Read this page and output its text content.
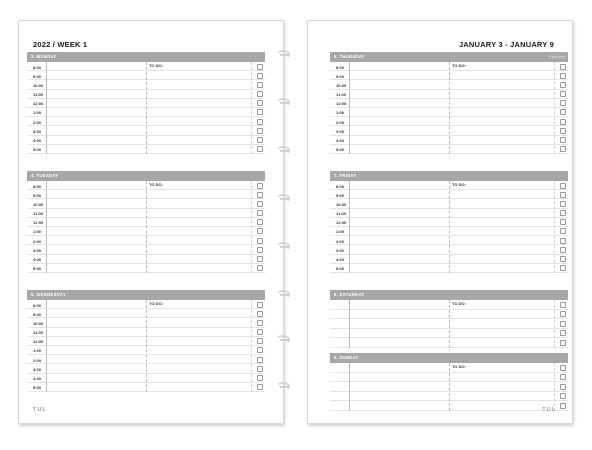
2022 / WEEK 1
3. MONDAY
8:00
9:00
10:00
11:00
12:00
1:00
2:00
3:00
4:00
5:00
TO DO:
4. TUESDAY
8:00
9:00
10:00
11:00
12:00
1:00
2:00
3:00
4:00
5:00
TO DO:
5. WEDNESDAY
8:00
9:00
10:00
11:00
12:00
1:00
2:00
3:00
4:00
5:00
TO DO:
TUL
JANUARY 3 - JANUARY 9
6. THURSDAY	Epiphany
8:00
9:00
10:00
11:00
12:00
1:00
2:00
3:00
4:00
5:00
TO DO:
7. FRIDAY
8:00
9:00
10:00
11:00
12:00
1:00
2:00
3:00
4:00
5:00
TO DO:
8. SATURDAY
TO DO:
9. SUNDAY
TO DO:
TUL
